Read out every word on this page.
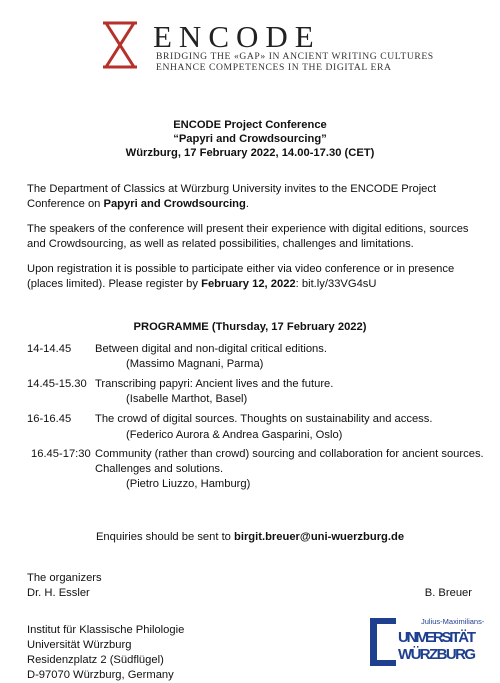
ENCODE
BRIDGING THE «GAP» IN ANCIENT WRITING CULTURES
ENHANCE COMPETENCES IN THE DIGITAL ERA
ENCODE Project Conference
“Papyri and Crowdsourcing”
Würzburg, 17 February 2022, 14.00-17.30 (CET)
The Department of Classics at Würzburg University invites to the ENCODE Project Conference on Papyri and Crowdsourcing.
The speakers of the conference will present their experience with digital editions, sources and Crowdsourcing, as well as related possibilities, challenges and limitations.
Upon registration it is possible to participate either via video conference or in presence (places limited). Please register by February 12, 2022: bit.ly/33VG4sU
PROGRAMME (Thursday, 17 February 2022)
14-14.45 Between digital and non-digital critical editions.
(Massimo Magnani, Parma)
14.45-15.30 Transcribing papyri: Ancient lives and the future.
(Isabelle Marthot, Basel)
16-16.45 The crowd of digital sources. Thoughts on sustainability and access.
(Federico Aurora & Andrea Gasparini, Oslo)
16.45-17:30 Community (rather than crowd) sourcing and collaboration for ancient sources. Challenges and solutions.
(Pietro Liuzzo, Hamburg)
Enquiries should be sent to birgit.breuer@uni-wuerzburg.de
The organizers
Dr. H. Essler	B. Breuer
Institut für Klassische Philologie
Universität Würzburg
Residenzplatz 2 (Südflügel)
D-97070 Würzburg, Germany
Julius-Maximilians-
UNIVERSITÄT
WÜRZBURG
